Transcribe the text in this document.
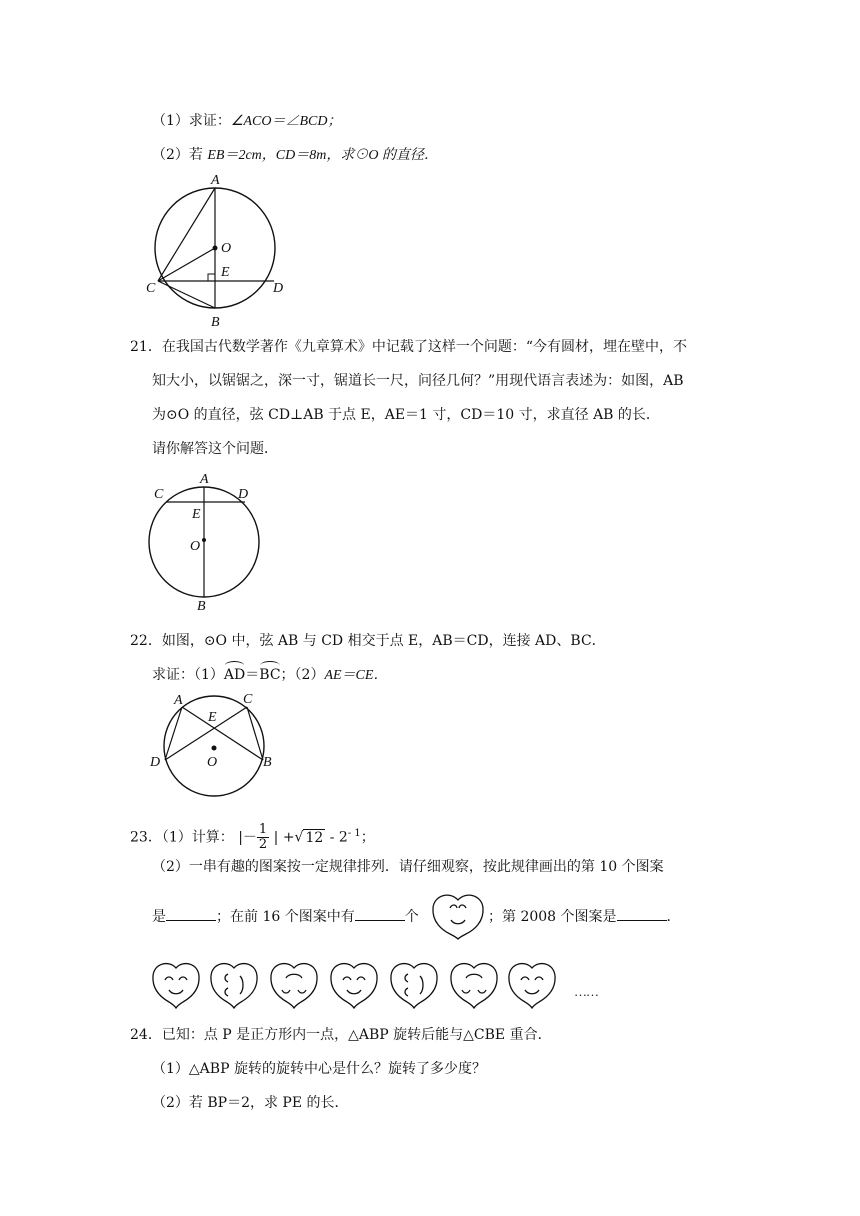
（1）求证：∠ACO＝∠BCD；
（2）若 EB＝2cm，CD＝8m，求⊙O 的直径．
A
O
E
C	D
B
21．在我国古代数学著作《九章算术》中记载了这样一个问题：“今有圆材，埋在壁中，不
知大小，以锯锯之，深一寸，锯道长一尺，问径几何？”用现代语言表述为：如图，AB
为⊙O 的直径，弦 CD⊥AB 于点 E，AE＝1 寸，CD＝10 寸，求直径 AB 的长．
请你解答这个问题．
A
C	D
E
O
B
22．如图，⊙O 中，弦 AB 与 CD 相交于点 E，AB＝CD，连接 AD、BC．
求证：（1）AD＝BC；（2）AE＝CE．
A	C
E
D	O	B
23．（1）计算： |－ $\frac{1}{2}$ | +√ $12 - 2^{- 1}$；
（2）一串有趣的图案按一定规律排列．请仔细观察，按此规律画出的第 10 个图案
是	；在前 16 个图案中有	个	；第 2008 个图案是	．
……
24．已知：点 P 是正方形内一点，△ABP 旋转后能与△CBE 重合．
（1）△ABP 旋转的旋转中心是什么？旋转了多少度？
（2）若 BP＝2，求 PE 的长．
